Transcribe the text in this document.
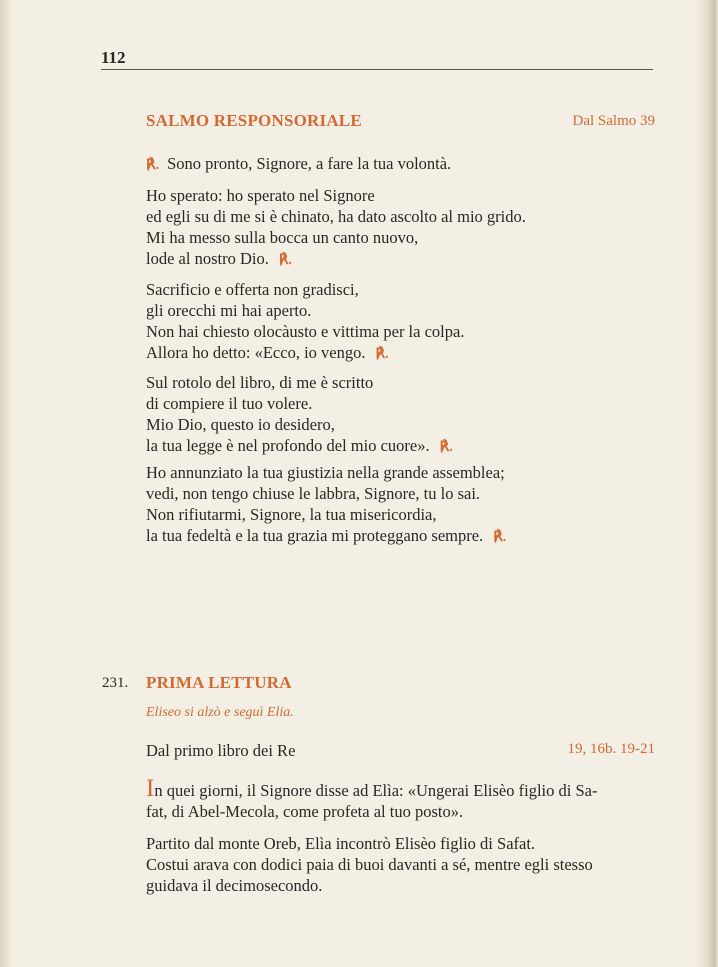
112
SALMO RESPONSORIALE	Dal Salmo 39
℟. Sono pronto, Signore, a fare la tua volontà.
Ho sperato: ho sperato nel Signore
ed egli su di me si è chinato, ha dato ascolto al mio grido.
Mi ha messo sulla bocca un canto nuovo,
lode al nostro Dio. ℟.
Sacrificio e offerta non gradisci,
gli orecchi mi hai aperto.
Non hai chiesto olocàusto e vittima per la colpa.
Allora ho detto: «Ecco, io vengo. ℟.
Sul rotolo del libro, di me è scritto
di compiere il tuo volere.
Mio Dio, questo io desidero,
la tua legge è nel profondo del mio cuore». ℟.
Ho annunziato la tua giustizia nella grande assemblea;
vedi, non tengo chiuse le labbra, Signore, tu lo sai.
Non rifiutarmi, Signore, la tua misericordia,
la tua fedeltà e la tua grazia mi proteggano sempre. ℟.
231. PRIMA LETTURA
Eliseo si alzò e seguì Elia.
Dal primo libro dei Re	19, 16b. 19-21
In quei giorni, il Signore disse ad Elìa: «Ungerai Elisèo figlio di Sa-
fat, di Abel-Mecola, come profeta al tuo posto».
Partito dal monte Oreb, Elìa incontrò Elisèo figlio di Safat.
Costui arava con dodici paia di buoi davanti a sé, mentre egli stesso
guidava il decimosecondo.
